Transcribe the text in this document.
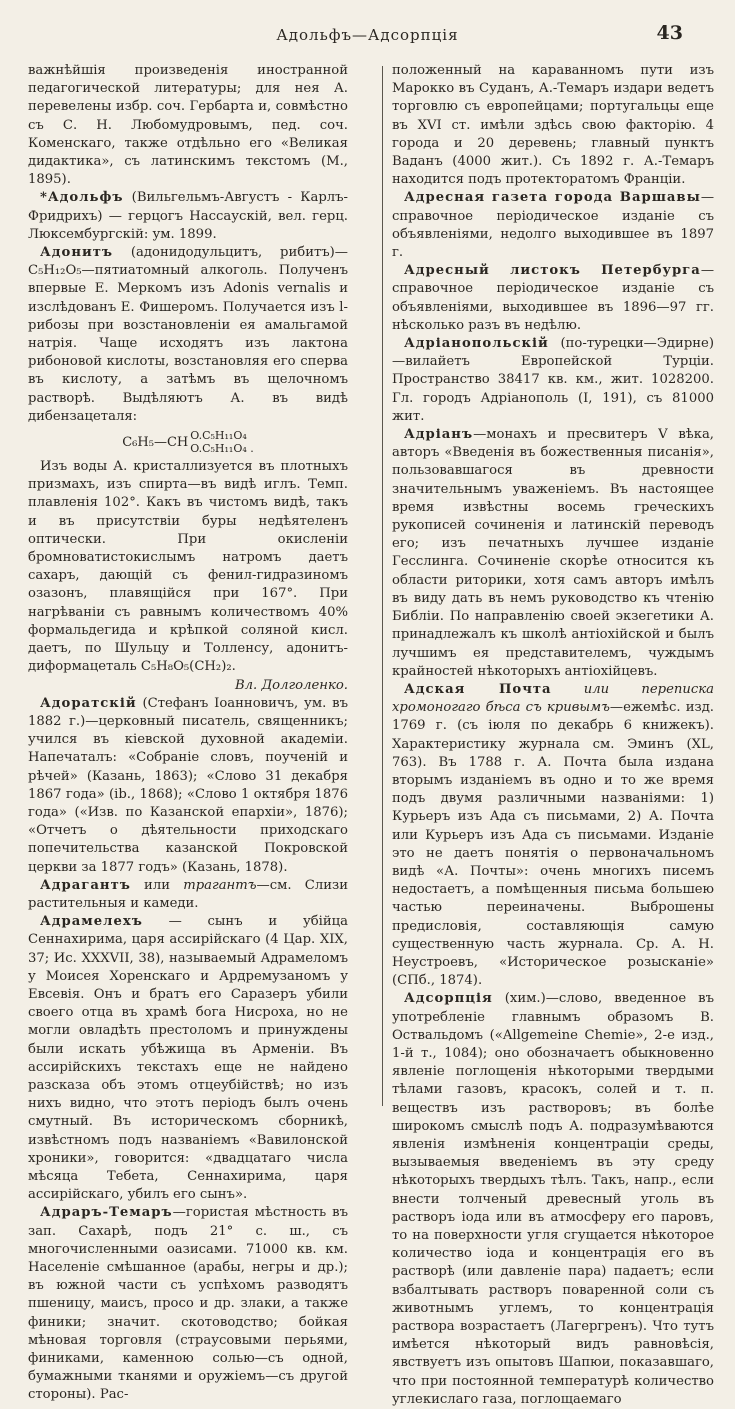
Адольфъ—Адсорпція	43

важнѣйшія произведенія иностранной педагогической литературы; для нея А. перевелены избр. соч. Гербарта и, совмѣстно съ С. Н. Любомудровымъ, пед. соч. Коменскаго, также отдѣльно его «Великая дидактика», съ латинскимъ текстомъ (М., 1895).

*Адольфъ (Вильгельмъ-Августъ - Карлъ-Фридрихъ) — герцогъ Нассаускій, вел. герц. Люксембургскій: ум. 1899.

Адонитъ (адонидодульцитъ, рибитъ)—C₅H₁₂O₅—пятиатомный алкоголь. Полученъ впервые Е. Меркомъ изъ Adonis vernalis и изслѣдованъ Е. Фишеромъ. Получается изъ l-рибозы при возстановленіи ея амальгамой натрія. Чаще исходятъ изъ лактона рибоновой кислоты, возстановляя его сперва въ кислоту, а затѣмъ въ щелочномъ растворѣ. Выдѣляютъ А. въ видѣ дибензацеталя:

C₆H₅—CH O.C₅H₁₁O₄
O.C₅H₁₁O₄ .

Изъ воды А. кристаллизуется въ плотныхъ призмахъ, изъ спирта—въ видѣ иглъ. Темп. плавленія 102°. Какъ въ чистомъ видѣ, такъ и въ присутствіи буры недѣятеленъ оптически. При окисленіи бромноватистокислымъ натромъ даетъ сахаръ, дающій съ фенил-гидразиномъ озазонъ, плавящійся при 167°. При нагрѣваніи съ равнымъ количествомъ 40% формальдегида и крѣпкой соляной кисл. даетъ, по Шульцу и Толленсу, адонитъ-диформацеталь C₅H₈O₅(CH₂)₂.

Вл. Долголенко.

Адоратскій (Стефанъ Іоанновичъ, ум. въ 1882 г.)—церковный писатель, священникъ; учился въ кіевской духовной академіи. Напечаталъ: «Собраніе словъ, поученій и рѣчей» (Казань, 1863); «Слово 31 декабря 1867 года» (ib., 1868); «Слово 1 октября 1876 года» («Изв. по Казанской епархіи», 1876); «Отчетъ о дѣятельности приходскаго попечительства казанской Покровской церкви за 1877 годъ» (Казань, 1878).

Адрагантъ или трагантъ—см. Слизи растительныя и камеди.

Адрамелехъ — сынъ и убійца Сеннахирима, царя ассирійскаго (4 Цар. XIX, 37; Ис. XXXVII, 38), называемый Адрамеломъ у Моисея Хоренскаго и Ардремузаномъ у Евсевія. Онъ и братъ его Саразеръ убили своего отца въ храмѣ бога Нисроха, но не могли овладѣть престоломъ и принуждены были искать убѣжища въ Арменіи. Въ ассирійскихъ текстахъ еще не найдено разсказа объ этомъ отцеубійствѣ; но изъ нихъ видно, что этотъ періодъ былъ очень смутный. Въ историческомъ сборникѣ, извѣстномъ подъ названіемъ «Вавилонской хроники», говорится: «двадцатаго числа мѣсяца Тебета, Сеннахирима, царя ассирійскаго, убилъ его сынъ».

Адраръ-Темаръ—гористая мѣстность въ зап. Сахарѣ, подъ 21° с. ш., съ многочисленными оазисами. 71000 кв. км. Населеніе смѣшанное (арабы, негры и др.); въ южной части съ успѣхомъ разводятъ пшеницу, маисъ, просо и др. злаки, а также финики; значит. скотоводство; бойкая мѣновая торговля (страусовыми перьями, финиками, каменною солью—съ одной, бумажными тканями и оружіемъ—съ другой стороны). Рас-

положенный на караванномъ пути изъ Марокко въ Суданъ, А.-Темаръ издари ведетъ торговлю съ европейцами; португальцы еще въ XVI ст. имѣли здѣсь свою факторію. 4 города и 20 деревень; главный пунктъ Ваданъ (4000 жит.). Съ 1892 г. А.-Темаръ находится подъ протекторатомъ Франціи.

Адресная газета города Варшавы—справочное періодическое изданіе съ объявленіями, недолго выходившее въ 1897 г.

Адресный листокъ Петербурга—справочное періодическое изданіе съ объявленіями, выходившее въ 1896—97 гг. нѣсколько разъ въ недѣлю.

Адріанопольскій (по-турецки—Эдирне)—вилайетъ Европейской Турціи. Пространство 38417 кв. км., жит. 1028200. Гл. городъ Адріанополь (I, 191), съ 81000 жит.

Адріанъ—монахъ и пресвитеръ V вѣка, авторъ «Введенія въ божественныя писанія», пользовавшагося въ древности значительнымъ уваженіемъ. Въ настоящее время извѣстны восемь греческихъ рукописей сочиненія и латинскій переводъ его; изъ печатныхъ лучшее изданіе Гесслинга. Сочиненіе скорѣе относится къ области риторики, хотя самъ авторъ имѣлъ въ виду дать въ немъ руководство къ чтенію Библіи. По направленію своей экзегетики А. принадлежалъ къ школѣ антіохійской и былъ лучшимъ ея представителемъ, чуждымъ крайностей нѣкоторыхъ антіохійцевъ.

Адская Почта или переписка хромоногаго бѣса съ кривымъ—ежемѣс. изд. 1769 г. (съ іюля по декабрь 6 книжекъ). Характеристику журнала см. Эминъ (XL, 763). Въ 1788 г. А. Почта была издана вторымъ изданіемъ въ одно и то же время подъ двумя различными названіями: 1) Курьеръ изъ Ада съ письмами, 2) А. Почта или Курьеръ изъ Ада съ письмами. Изданіе это не даетъ понятія о первоначальномъ видѣ «А. Почты»: очень многихъ писемъ недостаетъ, а помѣщенныя письма большею частью переиначены. Выброшены предисловія, составляющія самую существенную часть журнала. Ср. А. Н. Неустроевъ, «Историческое розысканіе» (СПб., 1874).

Адсорпція (хим.)—слово, введенное въ употребленіе главнымъ образомъ В. Оствальдомъ («Allgemeine Chemie», 2-е изд., 1-й т., 1084); оно обозначаетъ обыкновенно явленіе поглощенія нѣкоторыми твердыми тѣлами газовъ, красокъ, солей и т. п. веществъ изъ растворовъ; въ болѣе широкомъ смыслѣ подъ А. подразумѣваются явленія измѣненія концентраціи среды, вызываемыя введеніемъ въ эту среду нѣкоторыхъ твердыхъ тѣлъ. Такъ, напр., если внести толченый древесный уголь въ растворъ іода или въ атмосферу его паровъ, то на поверхности угля сгущается нѣкоторое количество іода и концентрація его въ растворѣ (или давленіе пара) падаетъ; если взбалтывать растворъ поваренной соли съ животнымъ углемъ, то концентрація раствора возрастаетъ (Лагергренъ). Что тутъ имѣется нѣкоторый видъ равновѣсія, явствуетъ изъ опытовъ Шапюи, показавшаго, что при постоянной температурѣ количество углекислаго газа, поглощаемаго
